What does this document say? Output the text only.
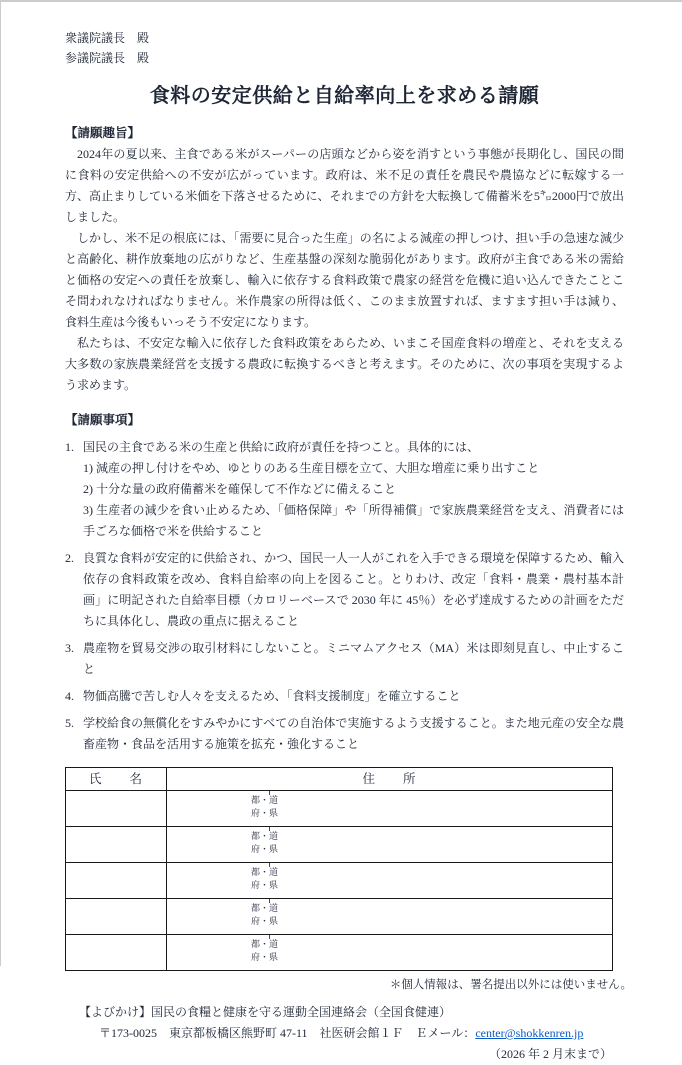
衆議院議長　殿
参議院議長　殿
食料の安定供給と自給率向上を求める請願
【請願趣旨】

2024年の夏以来、主食である米がスーパーの店頭などから姿を消すという事態が長期化し、国民の間に食料の安定供給への不安が広がっています。政府は、米不足の責任を農民や農協などに転嫁する一方、高止まりしている米価を下落させるために、それまでの方針を大転換して備蓄米を5㌔2000円で放出しました。

しかし、米不足の根底には、「需要に見合った生産」の名による減産の押しつけ、担い手の急速な減少と高齢化、耕作放棄地の広がりなど、生産基盤の深刻な脆弱化があります。政府が主食である米の需給と価格の安定への責任を放棄し、輸入に依存する食料政策で農家の経営を危機に追い込んできたことこそ問われなければなりません。米作農家の所得は低く、このまま放置すれば、ますます担い手は減り、食料生産は今後もいっそう不安定になります。

私たちは、不安定な輸入に依存した食料政策をあらため、いまこそ国産食料の増産と、それを支える大多数の家族農業経営を支援する農政に転換するべきと考えます。そのために、次の事項を実現するよう求めます。

【請願事項】
1. 国民の主食である米の生産と供給に政府が責任を持つこと。具体的には、
1) 減産の押し付けをやめ、ゆとりのある生産目標を立て、大胆な増産に乗り出すこと
2) 十分な量の政府備蓄米を確保して不作などに備えること
3) 生産者の減少を食い止めるため、「価格保障」や「所得補償」で家族農業経営を支え、消費者には手ごろな価格で米を供給すること
2. 良質な食料が安定的に供給され、かつ、国民一人一人がこれを入手できる環境を保障するため、輸入依存の食料政策を改め、食料自給率の向上を図ること。とりわけ、改定「食料・農業・農村基本計画」に明記された自給率目標（カロリーベースで 2030 年に 45％）を必ず達成するための計画をただちに具体化し、農政の重点に据えること
3. 農産物を貿易交渉の取引材料にしないこと。ミニマムアクセス（MA）米は即刻見直し、中止すること
4. 物価高騰で苦しむ人々を支えるため、「食料支援制度」を確立すること
5. 学校給食の無償化をすみやかにすべての自治体で実施するよう支援すること。また地元産の安全な農畜産物・食品を活用する施策を拡充・強化すること
氏　　名	住　　所

	都・道
府・県

	都・道
府・県

	都・道
府・県

	都・道
府・県

	都・道
府・県
＊個人情報は、署名提出以外には使いません。
【よびかけ】国民の食糧と健康を守る運動全国連絡会（全国食健連）
〒173-0025　東京都板橋区熊野町 47-11　社医研会館１Ｆ　Ｅメール：center@shokkenren.jp
（2026 年 2 月末まで）
